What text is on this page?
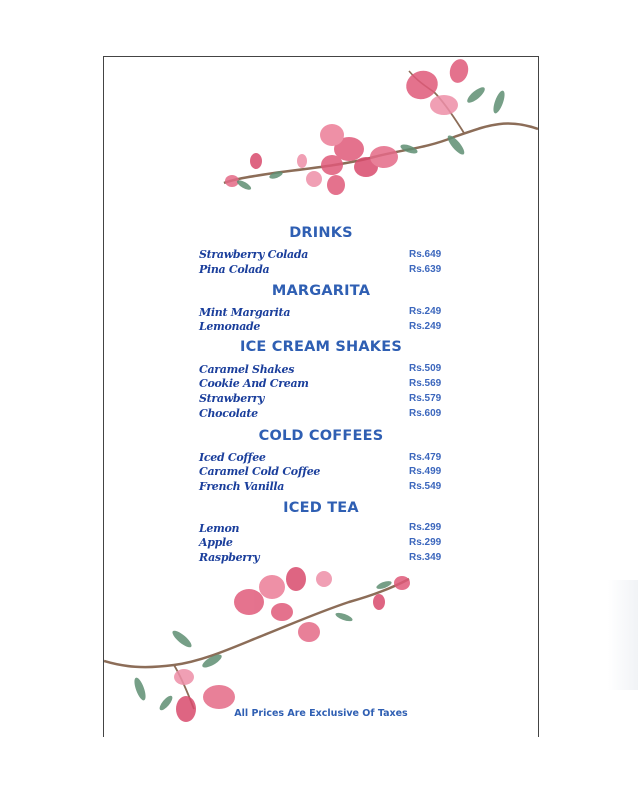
DRINKS
Strawberry Colada	Rs.649
Pina Colada	Rs.639
MARGARITA
Mint Margarita	Rs.249
Lemonade	Rs.249
ICE CREAM SHAKES
Caramel Shakes	Rs.509
Cookie And Cream	Rs.569
Strawberry	Rs.579
Chocolate	Rs.609
COLD COFFEES
Iced Coffee	Rs.479
Caramel Cold Coffee	Rs.499
French Vanilla	Rs.549
ICED TEA
Lemon	Rs.299
Apple	Rs.299
Raspberry	Rs.349
All Prices Are Exclusive Of Taxes
